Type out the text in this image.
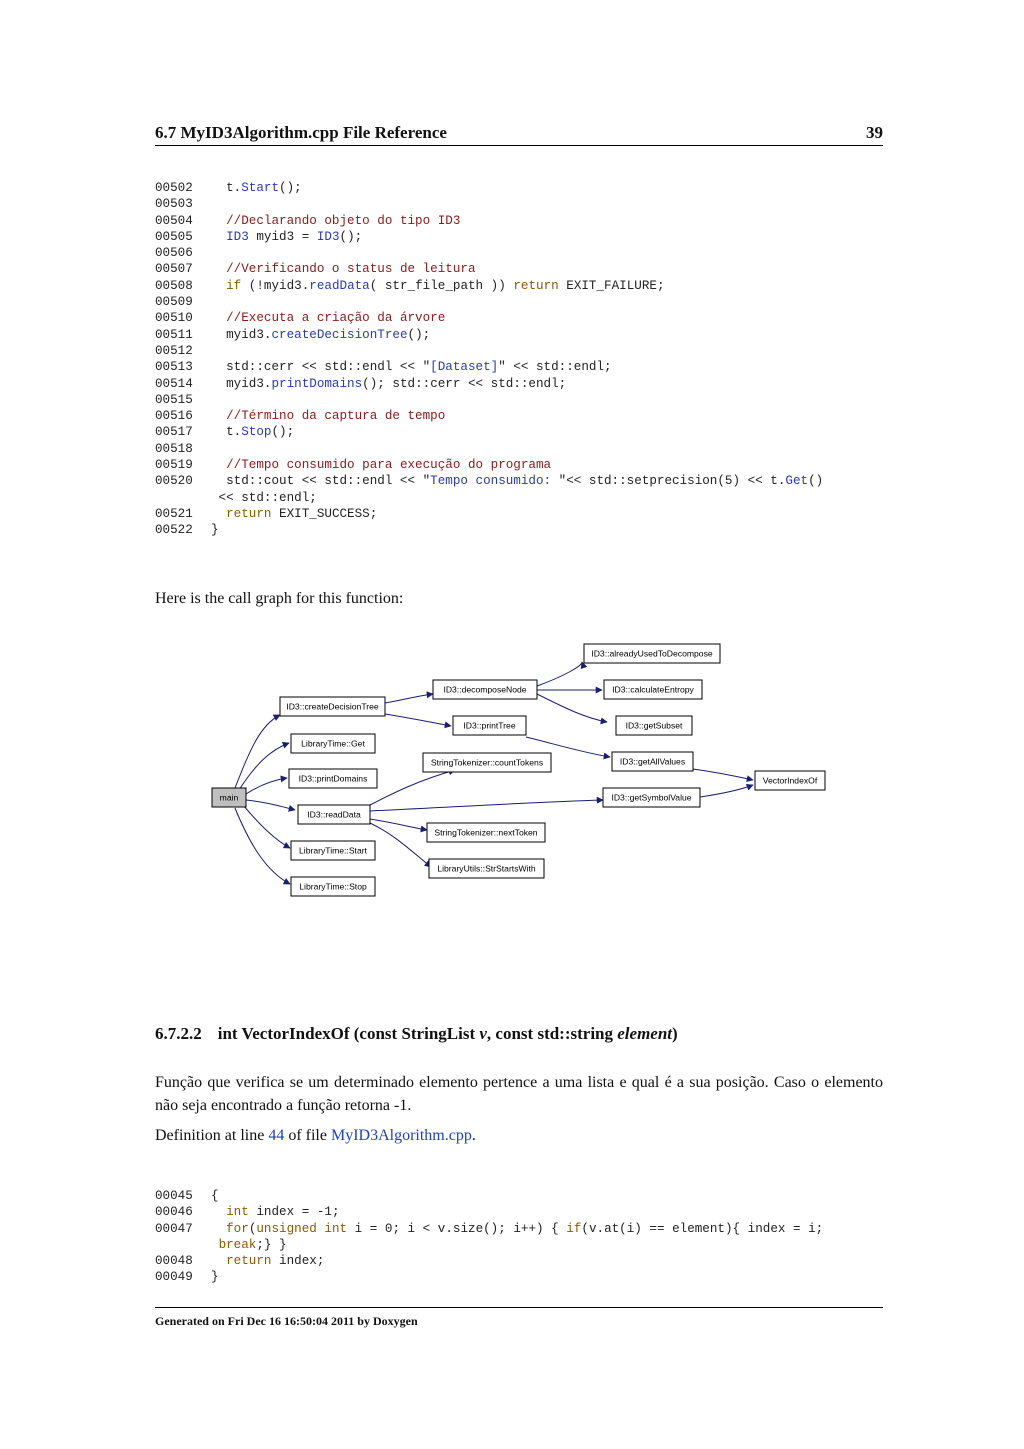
6.7 MyID3Algorithm.cpp File Reference	39
00502  t.Start();
00503
00504	//Declarando objeto do tipo ID3
00505	ID3 myid3 = ID3();
00506
00507	//Verificando o status de leitura
00508	if (!myid3.readData( str_file_path )) return EXIT_FAILURE;
00509
00510	//Executa a criação da árvore
00511  myid3.createDecisionTree();
00512
00513  std::cerr << std::endl << "[Dataset]" << std::endl;
00514  myid3.printDomains(); std::cerr << std::endl;
00515
00516	//Término da captura de tempo
00517  t.Stop();
00518
00519	//Tempo consumido para execução do programa
00520  std::cout << std::endl << "Tempo consumido: "<< std::setprecision(5) << t.Get()
<< std::endl;
00521	return EXIT_SUCCESS;
00522 }

Here is the call graph for this function:

main
ID3::createDecisionTree
LibraryTime::Get
ID3::printDomains
ID3::readData
LibraryTime::Start
LibraryTime::Stop
ID3::decomposeNode
ID3::printTree
StringTokenizer::countTokens
StringTokenizer::nextToken
LibraryUtils::StrStartsWith
ID3::alreadyUsedToDecompose
ID3::calculateEntropy
ID3::getSubset
ID3::getAllValues
ID3::getSymbolValue
VectorIndexOf
6.7.2.2 int VectorIndexOf (const StringList v, const std::string element)

Função que verifica se um determinado elemento pertence a uma lista e qual é a sua posição. Caso o elemento não seja encontrado a função retorna -1.

Definition at line 44 of file MyID3Algorithm.cpp.

00045 {
00046	int index = -1;
00047	for(unsigned int i = 0; i < v.size(); i++) { if(v.at(i) == element){ index = i;
break;} }
00048	return index;
00049 }
Generated on Fri Dec 16 16:50:04 2011 by Doxygen
